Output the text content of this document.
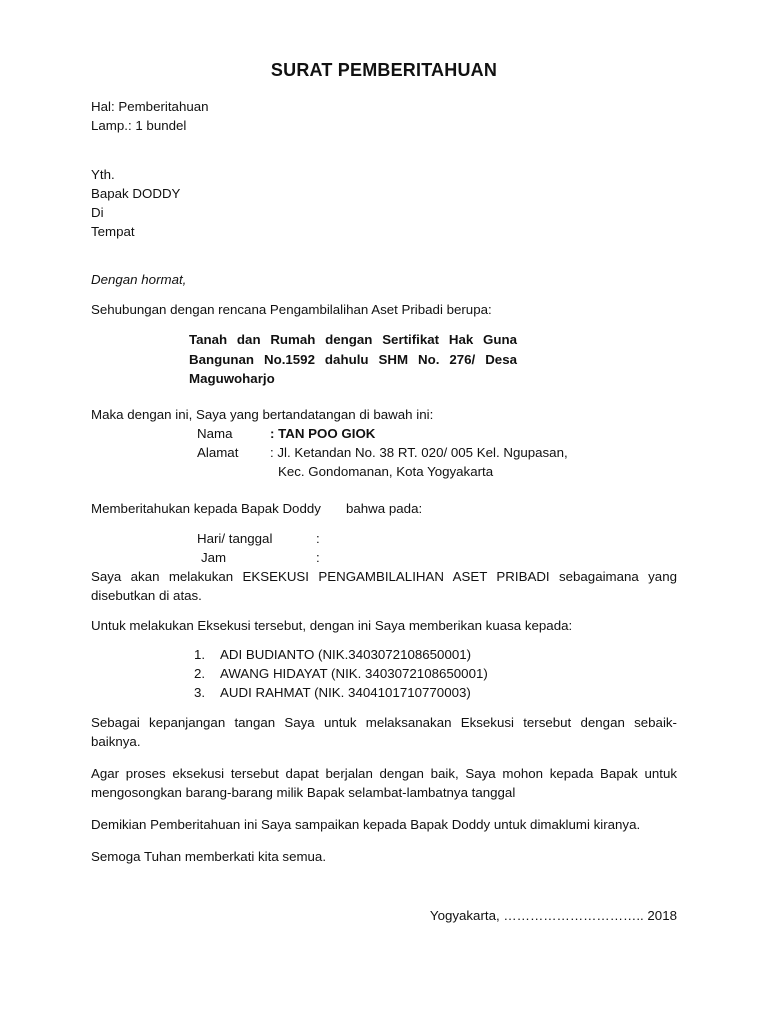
SURAT PEMBERITAHUAN
Hal: Pemberitahuan
Lamp.: 1 bundel
Yth.
Bapak DODDY
Di
Tempat
Dengan hormat,
Sehubungan dengan rencana Pengambilalihan Aset Pribadi berupa:
Tanah dan Rumah dengan Sertifikat Hak Guna
Bangunan No.1592 dahulu SHM No. 276/ Desa
Maguwoharjo
Maka dengan ini, Saya yang bertandatangan di bawah ini:
Nama	: TAN POO GIOK
Alamat : Jl. Ketandan No. 38 RT. 020/ 005 Kel. Ngupasan,
Kec. Gondomanan, Kota Yogyakarta
Memberitahukan kepada Bapak Doddy bahwa pada:
Hari/ tanggal	:
Jam	:
Saya akan melakukan EKSEKUSI PENGAMBILALIHAN ASET PRIBADI sebagaimana yang
disebutkan di atas.
Untuk melakukan Eksekusi tersebut, dengan ini Saya memberikan kuasa kepada:
1. ADI BUDIANTO (NIK.3403072108650001)
2. AWANG HIDAYAT (NIK. 3403072108650001)
3. AUDI RAHMAT (NIK. 3404101710770003)
Sebagai kepanjangan tangan Saya untuk melaksanakan Eksekusi tersebut dengan sebaik-
baiknya.
Agar proses eksekusi tersebut dapat berjalan dengan baik, Saya mohon kepada Bapak untuk
mengosongkan barang-barang milik Bapak selambat-lambatnya tanggal
Demikian Pemberitahuan ini Saya sampaikan kepada Bapak Doddy untuk dimaklumi kiranya.
Semoga Tuhan memberkati kita semua.
Yogyakarta, ………………………….. 2018
